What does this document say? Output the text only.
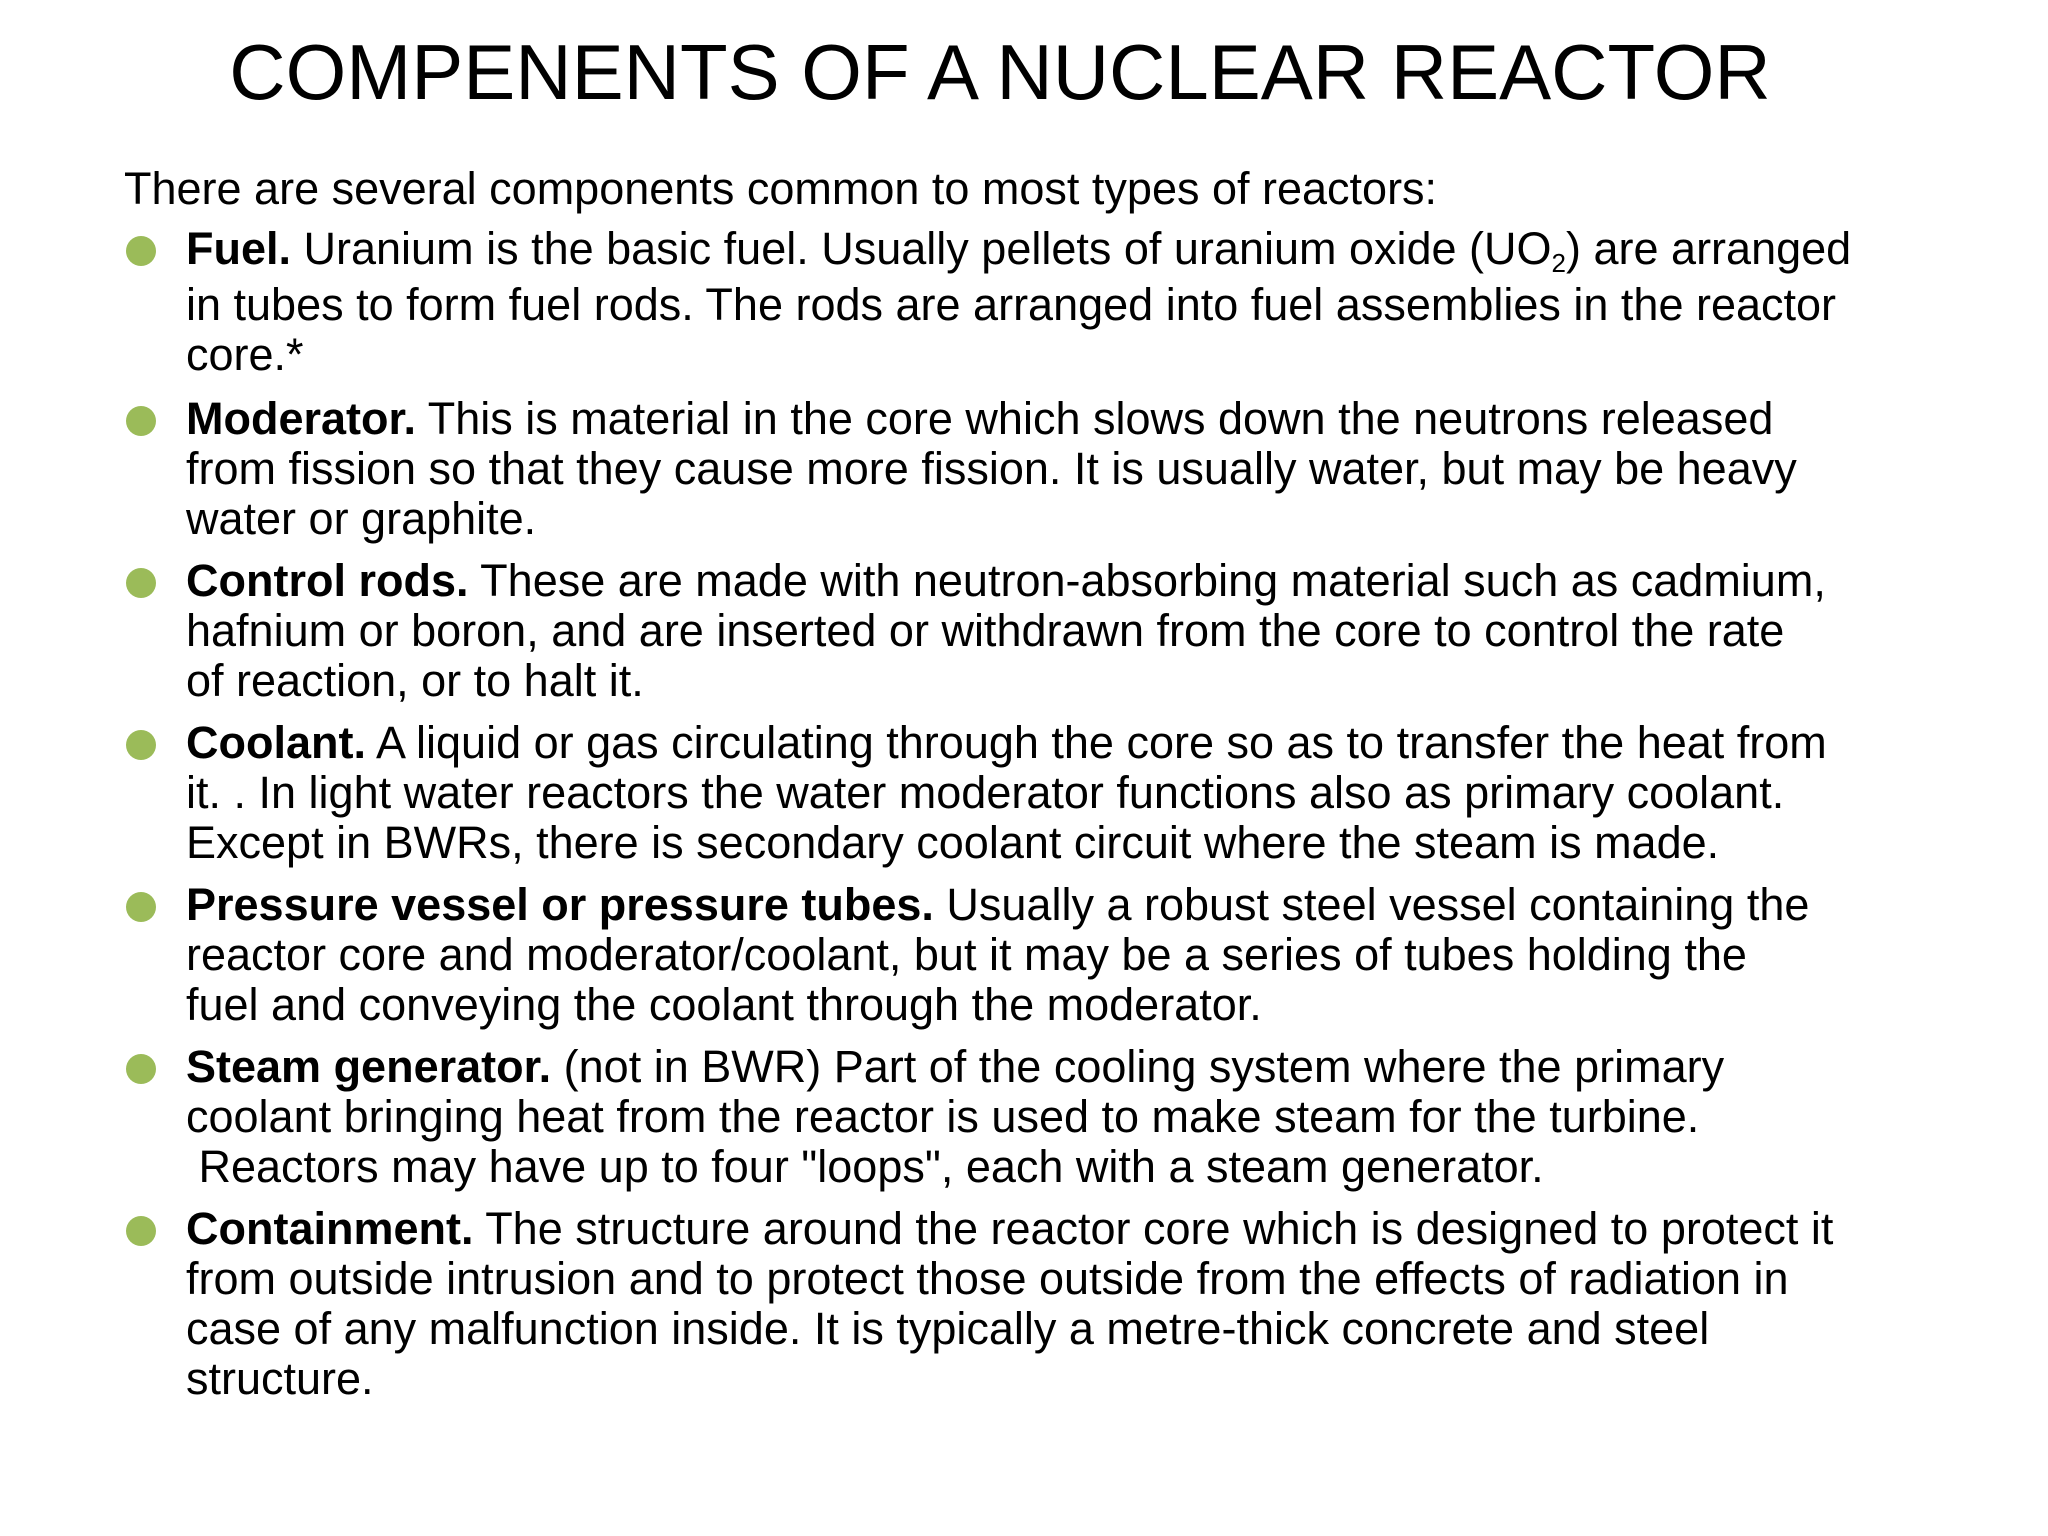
COMPENENTS OF A NUCLEAR REACTOR

There are several components common to most types of reactors:

Fuel. Uranium is the basic fuel. Usually pellets of uranium oxide $(UO_2)$ are arranged
in tubes to form fuel rods. The rods are arranged into fuel assemblies in the reactor
core.*

Moderator. This is material in the core which slows down the neutrons released
from fission so that they cause more fission. It is usually water, but may be heavy
water or graphite.

Control rods. These are made with neutron-absorbing material such as cadmium,
hafnium or boron, and are inserted or withdrawn from the core to control the rate
of reaction, or to halt it.

Coolant. A liquid or gas circulating through the core so as to transfer the heat from
it. . In light water reactors the water moderator functions also as primary coolant.
Except in BWRs, there is secondary coolant circuit where the steam is made.

Pressure vessel or pressure tubes. Usually a robust steel vessel containing the
reactor core and moderator/coolant, but it may be a series of tubes holding the
fuel and conveying the coolant through the moderator.

Steam generator. (not in BWR) Part of the cooling system where the primary
coolant bringing heat from the reactor is used to make steam for the turbine.
Reactors may have up to four "loops", each with a steam generator.

Containment. The structure around the reactor core which is designed to protect it
from outside intrusion and to protect those outside from the effects of radiation in
case of any malfunction inside. It is typically a metre-thick concrete and steel
structure.
